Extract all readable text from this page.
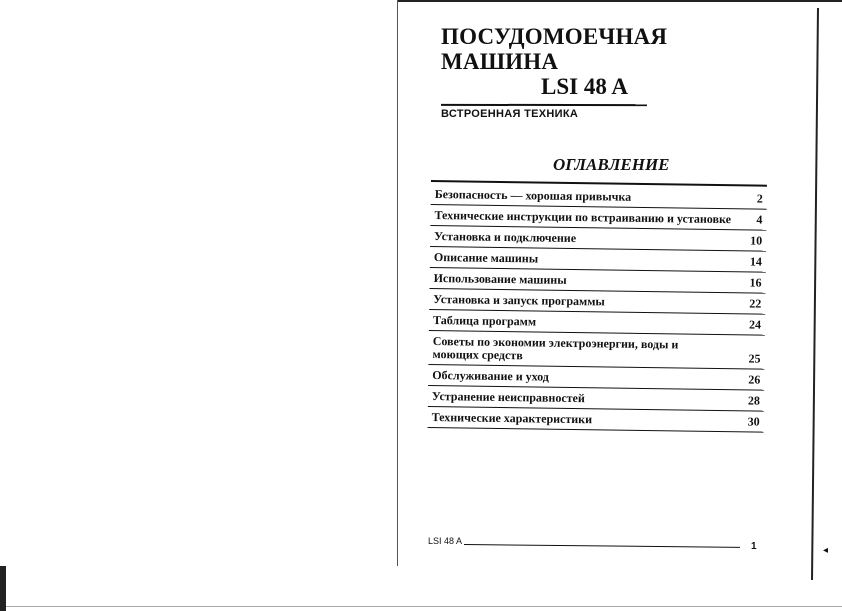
ПОСУДОМОЕЧНАЯ
МАШИНА
LSI 48 A
ВСТРОЕННАЯ ТЕХНИКА
ОГЛАВЛЕНИЕ
Безопасность — хорошая привычка	2
Технические инструкции по встраиванию и установке 4
Установка и подключение	10
Описание машины	14
Использование машины	16
Установка и запуск программы	22
Таблица программ	24
Советы по экономии электроэнергии, воды и моющих средств	25
Обслуживание и уход	26
Устранение неисправностей	28
Технические характеристики	30
LSI 48 A	1	◂
